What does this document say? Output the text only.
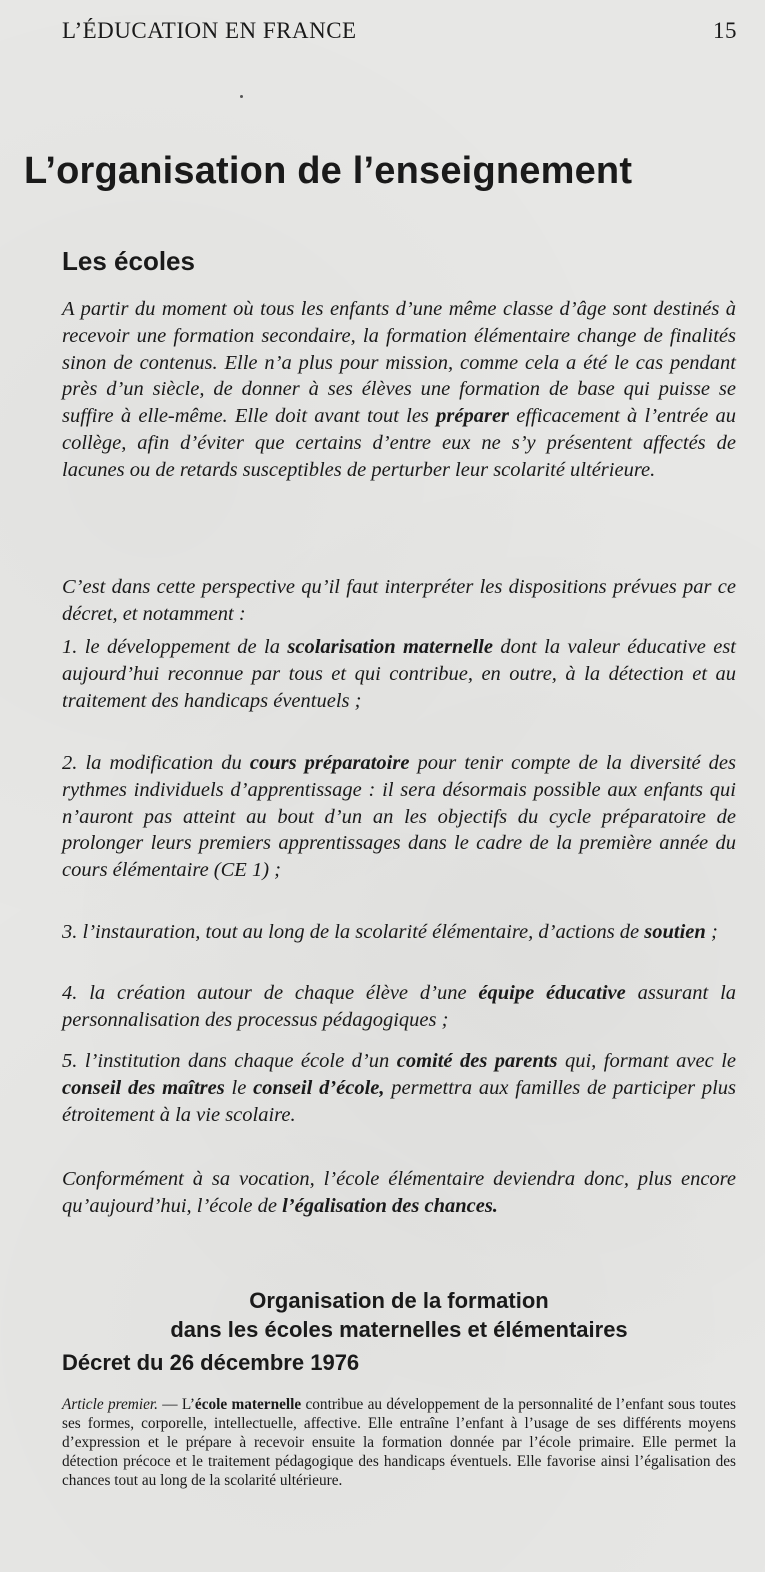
L’ÉDUCATION EN FRANCE	15
L’organisation de l’enseignement
Les écoles

A partir du moment où tous les enfants d’une même classe d’âge sont destinés à recevoir une formation secondaire, la formation élémentaire change de finalités sinon de contenus. Elle n’a plus pour mission, comme cela a été le cas pendant près d’un siècle, de donner à ses élèves une formation de base qui puisse se suffire à elle-même. Elle doit avant tout les préparer efficacement à l’entrée au collège, afin d’éviter que certains d’entre eux ne s’y présentent affectés de lacunes ou de retards susceptibles de perturber leur scolarité ultérieure.

C’est dans cette perspective qu’il faut interpréter les dispositions prévues par ce décret, et notamment :

1. le développement de la scolarisation maternelle dont la valeur éducative est aujourd’hui reconnue par tous et qui contribue, en outre, à la détection et au traitement des handicaps éventuels ;

2. la modification du cours préparatoire pour tenir compte de la diversité des rythmes individuels d’apprentissage : il sera désormais possible aux enfants qui n’auront pas atteint au bout d’un an les objectifs du cycle préparatoire de prolonger leurs premiers apprentissages dans le cadre de la première année du cours élémentaire (CE 1) ;

3. l’instauration, tout au long de la scolarité élémentaire, d’actions de soutien ;

4. la création autour de chaque élève d’une équipe éducative assurant la personnalisation des processus pédagogiques ;

5. l’institution dans chaque école d’un comité des parents qui, formant avec le conseil des maîtres le conseil d’école, permettra aux familles de participer plus étroitement à la vie scolaire.

Conformément à sa vocation, l’école élémentaire deviendra donc, plus encore qu’aujourd’hui, l’école de l’égalisation des chances.

Organisation de la formation
dans les écoles maternelles et élémentaires
Décret du 26 décembre 1976

Article premier. — L’école maternelle contribue au développement de la personnalité de l’enfant sous toutes ses formes, corporelle, intellectuelle, affective. Elle entraîne l’enfant à l’usage de ses différents moyens d’expression et le prépare à recevoir ensuite la formation donnée par l’école primaire. Elle permet la détection précoce et le traitement pédagogique des handicaps éventuels. Elle favorise ainsi l’égalisation des chances tout au long de la scolarité ultérieure.
